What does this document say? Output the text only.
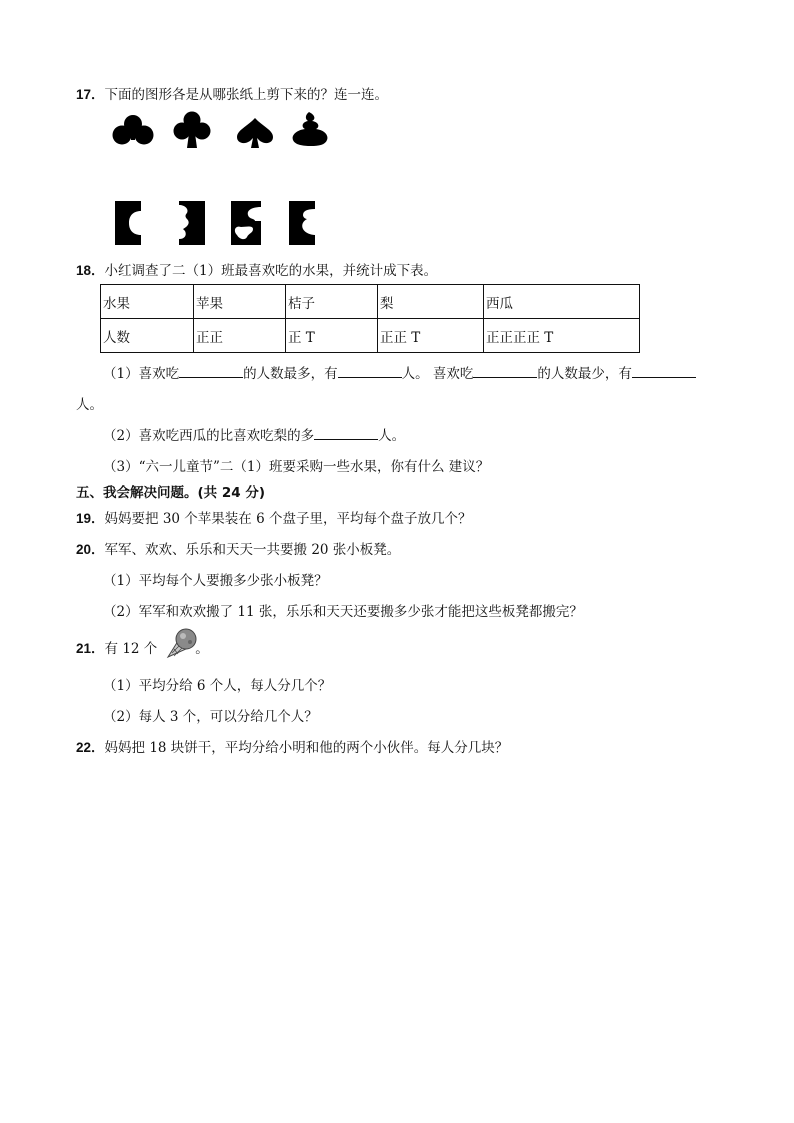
17．下面的图形各是从哪张纸上剪下来的？连一连。
18．小红调查了二（1）班最喜欢吃的水果，并统计成下表。
水果	苹果	桔子	梨	西瓜
人数	正正	正 T	正正 T	正正正正 T
（1）喜欢吃	的人数最多，有	人。 喜欢吃	的人数最少，有
人。
（2）喜欢吃西瓜的比喜欢吃梨的多	人。
（3）“六一儿童节”二（1）班要采购一些水果，你有什么 建议？
五、我会解决问题。(共 24 分)
19．妈妈要把 30 个苹果装在 6 个盘子里，平均每个盘子放几个？
20．军军、欢欢、乐乐和天天一共要搬 20 张小板凳。
（1）平均每个人要搬多少张小板凳？
（2）军军和欢欢搬了 11 张，乐乐和天天还要搬多少张才能把这些板凳都搬完？
21．有 12 个	。
（1）平均分给 6 个人，每人分几个？
（2）每人 3 个，可以分给几个人？
22．妈妈把 18 块饼干，平均分给小明和他的两个小伙伴。每人分几块？
